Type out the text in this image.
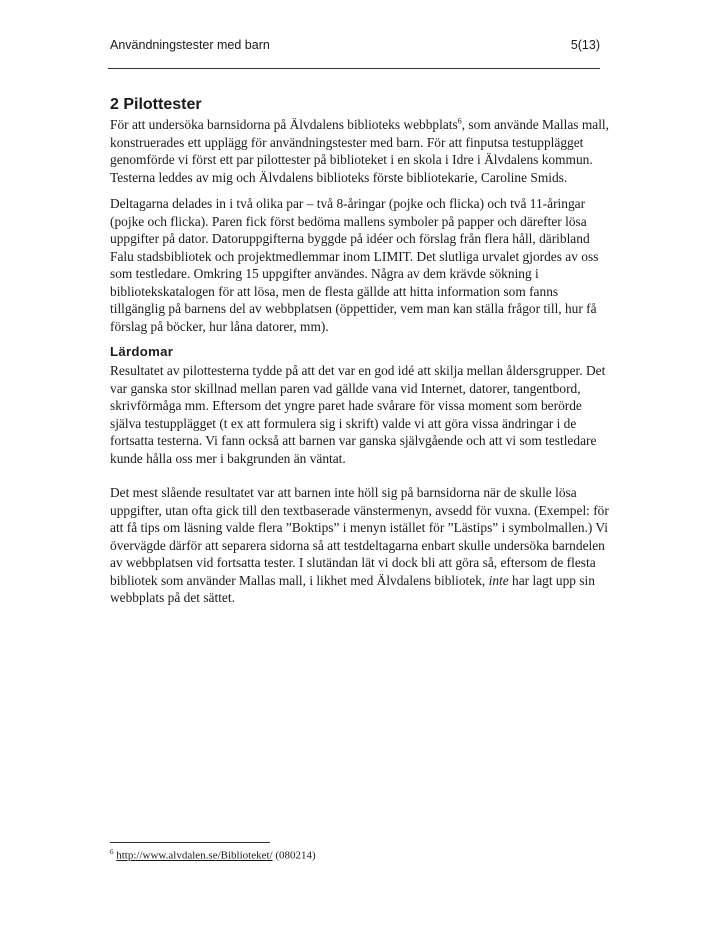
Användningstester med barn	5(13)
2 Pilottester

För att undersöka barnsidorna på Älvdalens biblioteks webbplats$^6$, som använde Mallas mall, konstruerades ett upplägg för användningstester med barn. För att finputsa testupplägget genomförde vi först ett par pilottester på biblioteket i en skola i Idre i Älvdalens kommun. Testerna leddes av mig och Älvdalens biblioteks förste bibliotekarie, Caroline Smids.

Deltagarna delades in i två olika par – två 8-åringar (pojke och flicka) och två 11-åringar (pojke och flicka). Paren fick först bedöma mallens symboler på papper och därefter lösa uppgifter på dator. Datoruppgifterna byggde på idéer och förslag från flera håll, däribland Falu stadsbibliotek och projektmedlemmar inom LIMIT. Det slutliga urvalet gjordes av oss som testledare. Omkring 15 uppgifter användes. Några av dem krävde sökning i bibliotekskatalogen för att lösa, men de flesta gällde att hitta information som fanns tillgänglig på barnens del av webbplatsen (öppettider, vem man kan ställa frågor till, hur få förslag på böcker, hur låna datorer, mm).

Lärdomar

Resultatet av pilottesterna tydde på att det var en god idé att skilja mellan åldersgrupper. Det var ganska stor skillnad mellan paren vad gällde vana vid Internet, datorer, tangentbord, skrivförmåga mm. Eftersom det yngre paret hade svårare för vissa moment som berörde själva testupplägget (t ex att formulera sig i skrift) valde vi att göra vissa ändringar i de fortsatta testerna. Vi fann också att barnen var ganska självgående och att vi som testledare kunde hålla oss mer i bakgrunden än väntat.

Det mest slående resultatet var att barnen inte höll sig på barnsidorna när de skulle lösa uppgifter, utan ofta gick till den textbaserade vänstermenyn, avsedd för vuxna. (Exempel: för att få tips om läsning valde flera ”Boktips” i menyn istället för ”Lästips” i symbolmallen.) Vi övervägde därför att separera sidorna så att testdeltagarna enbart skulle undersöka barndelen av webbplatsen vid fortsatta tester. I slutändan lät vi dock bli att göra så, eftersom de flesta bibliotek som använder Mallas mall, i likhet med Älvdalens bibliotek, inte har lagt upp sin webbplats på det sättet.

$^6$ http://www.alvdalen.se/Biblioteket/ (080214)
